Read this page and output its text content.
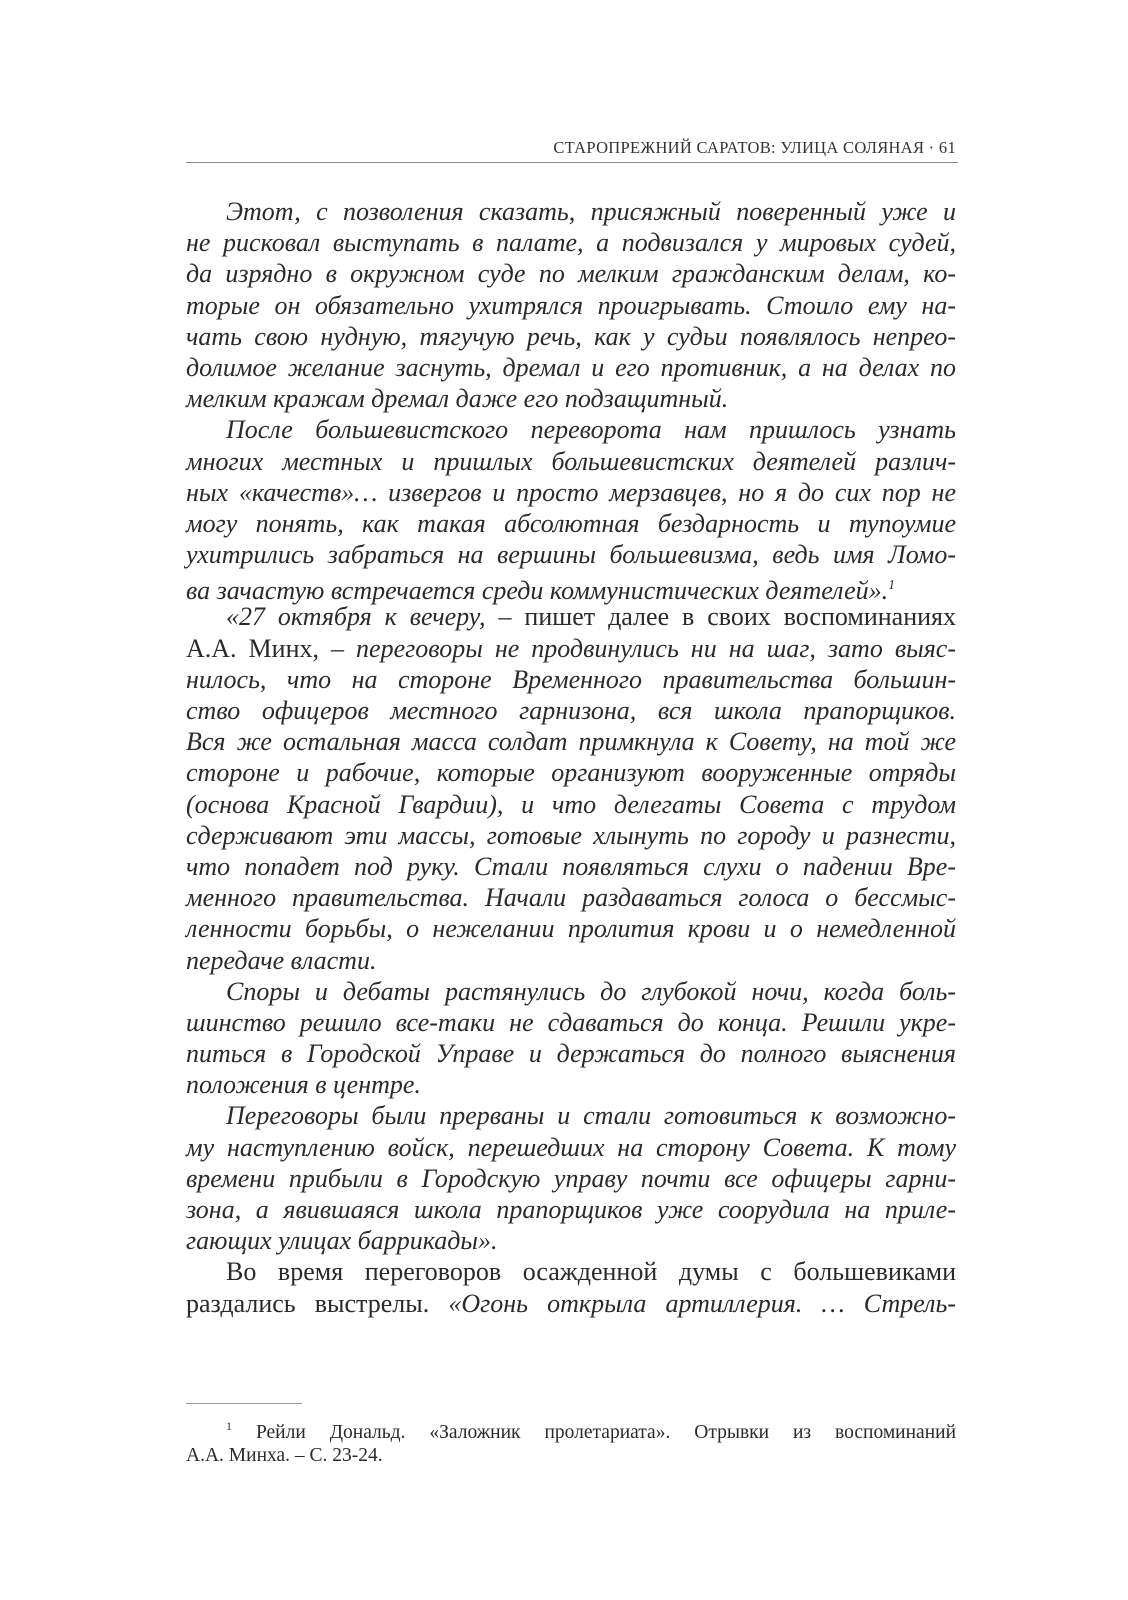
СТАРОПРЕЖНИЙ САРАТОВ: УЛИЦА СОЛЯНАЯ · 61
Этот, с позволения сказать, присяжный поверенный уже и
не рисковал выступать в палате, а подвизался у мировых судей,
да изрядно в окружном суде по мелким гражданским делам, ко-
торые он обязательно ухитрялся проигрывать. Стоило ему на-
чать свою нудную, тягучую речь, как у судьи появлялось непрео-
долимое желание заснуть, дремал и его противник, а на делах по
мелким кражам дремал даже его подзащитный.
После большевистского переворота нам пришлось узнать
многих местных и пришлых большевистских деятелей различ-
ных «качеств»… извергов и просто мерзавцев, но я до сих пор не
могу понять, как такая абсолютная бездарность и тупоумие
ухитрились забраться на вершины большевизма, ведь имя Ломо-
ва зачастую встречается среди коммунистических деятелей».$^1$
«27 октября к вечеру, – пишет далее в своих воспоминаниях
А.А. Минх, – переговоры не продвинулись ни на шаг, зато выяс-
нилось, что на стороне Временного правительства большин-
ство офицеров местного гарнизона, вся школа прапорщиков.
Вся же остальная масса солдат примкнула к Совету, на той же
стороне и рабочие, которые организуют вооруженные отряды
(основа Красной Гвардии), и что делегаты Совета с трудом
сдерживают эти массы, готовые хлынуть по городу и разнести,
что попадет под руку. Стали появляться слухи о падении Вре-
менного правительства. Начали раздаваться голоса о бессмыс-
ленности борьбы, о нежелании пролития крови и о немедленной
передаче власти.
Споры и дебаты растянулись до глубокой ночи, когда боль-
шинство решило все-таки не сдаваться до конца. Решили укре-
питься в Городской Управе и держаться до полного выяснения
положения в центре.
Переговоры были прерваны и стали готовиться к возможно-
му наступлению войск, перешедших на сторону Совета. К тому
времени прибыли в Городскую управу почти все офицеры гарни-
зона, а явившаяся школа прапорщиков уже соорудила на приле-
гающих улицах баррикады».
Во время переговоров осажденной думы с большевиками
раздались выстрелы. «Огонь открыла артиллерия. … Стрель-
$^1$ Рейли Дональд. «Заложник пролетариата». Отрывки из воспоминаний
А.А. Минха. – С. 23-24.
